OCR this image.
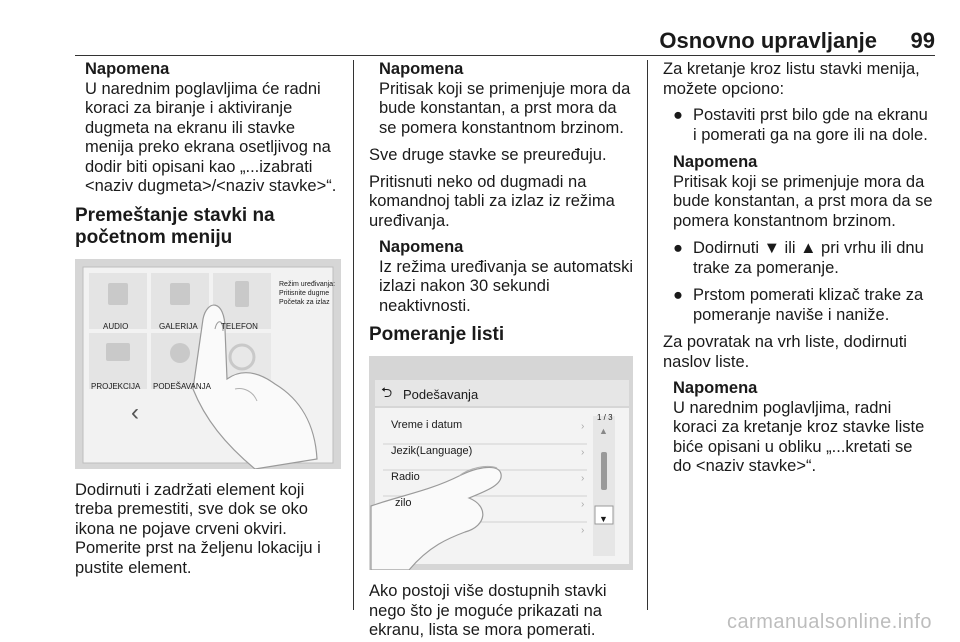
Osnovno upravljanje 99
Napomena
U narednim poglavljima će radni koraci za biranje i aktiviranje dugmeta na ekranu ili stavke menija preko ekrana osetljivog na dodir biti opisani kao „...izabrati <naziv dugmeta>/<naziv stavke>“.
Premeštanje stavki na početnom meniju
AUDIO	GALERIJA	TELEFON
PROJEKCIJA PODEŠAVANJA
Režim uređivanja:
Pritisnite dugme
Početak za izlaz
‹

Dodirnuti i zadržati element koji treba premestiti, sve dok se oko ikona ne pojave crveni okviri. Pomerite prst na željenu lokaciju i pustite element.

Napomena
Pritisak koji se primenjuje mora da bude konstantan, a prst mora da se pomera konstantnom brzinom.

Sve druge stavke se preuređuju.

Pritisnuti neko od dugmadi na komandnoj tabli za izlaz iz režima uređivanja.

Napomena
Iz režima uređivanja se automatski izlazi nakon 30 sekundi neaktivnosti.
Pomeranje listi
›
›
›
›
›
⮌ Podešavanja
1 / 3
Vreme i datum
Jezik(Language)
Radio
zilo
▲
▼

Ako postoji više dostupnih stavki nego što je moguće prikazati na ekranu, lista se mora pomerati.

Za kretanje kroz listu stavki menija, možete opciono:

● Postaviti prst bilo gde na ekranu i pomerati ga na gore ili na dole.
Napomena
Pritisak koji se primenjuje mora da bude konstantan, a prst mora da se pomera konstantnom brzinom.
● Dodirnuti ▼ ili ▲ pri vrhu ili dnu trake za pomeranje.
● Prstom pomerati klizač trake za pomeranje naviše i naniže.

Za povratak na vrh liste, dodirnuti naslov liste.

Napomena
U narednim poglavljima, radni koraci za kretanje kroz stavke liste biće opisani u obliku „...kretati se do <naziv stavke>“.
carmanualsonline.info
